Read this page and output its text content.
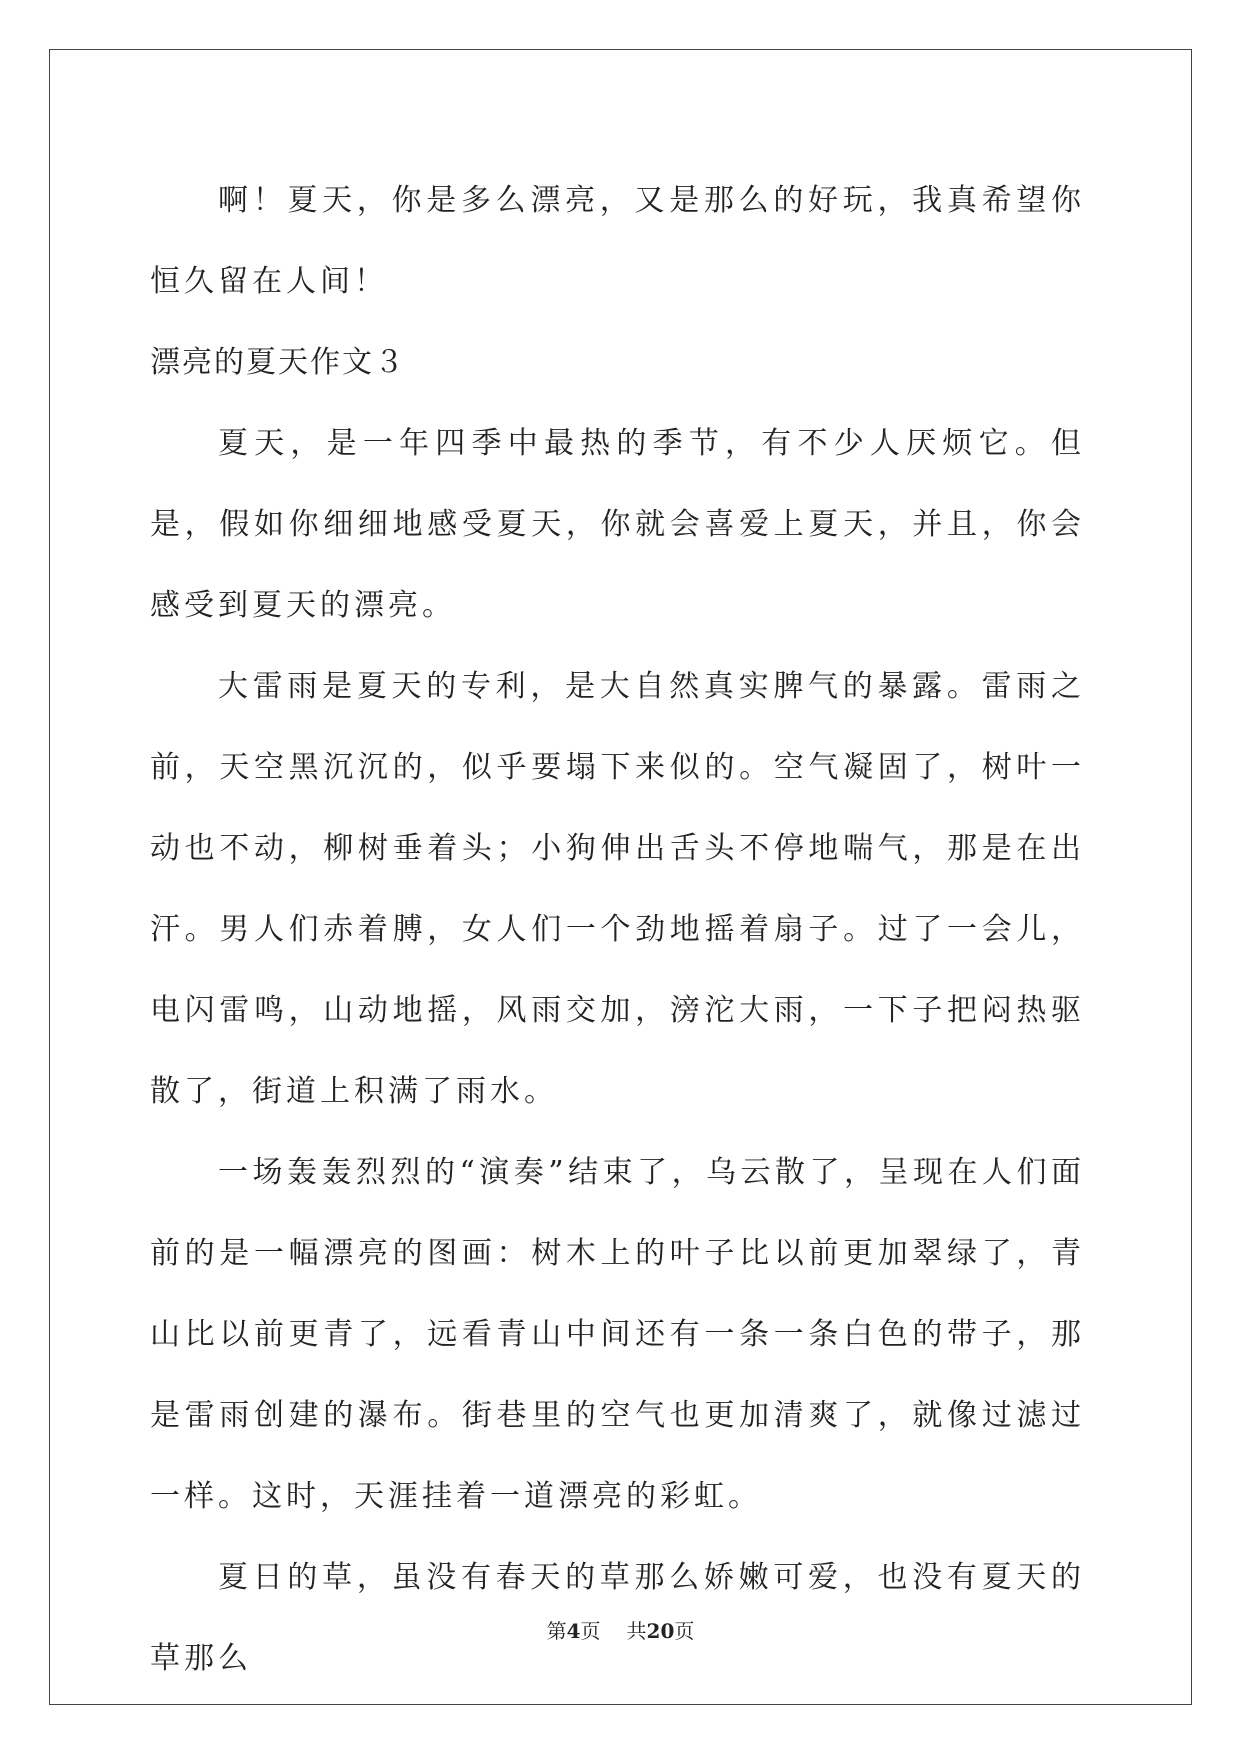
啊！夏天，你是多么漂亮，又是那么的好玩，我真希望你恒久留在人间！

漂亮的夏天作文３

夏天，是一年四季中最热的季节，有不少人厌烦它。但是，假如你细细地感受夏天，你就会喜爱上夏天，并且，你会感受到夏天的漂亮。

大雷雨是夏天的专利，是大自然真实脾气的暴露。雷雨之前，天空黑沉沉的，似乎要塌下来似的。空气凝固了，树叶一动也不动，柳树垂着头；小狗伸出舌头不停地喘气，那是在出汗。男人们赤着膊，女人们一个劲地摇着扇子。过了一会儿，电闪雷鸣，山动地摇，风雨交加，滂沱大雨，一下子把闷热驱散了，街道上积满了雨水。

一场轰轰烈烈的“演奏”结束了，乌云散了，呈现在人们面前的是一幅漂亮的图画：树木上的叶子比以前更加翠绿了，青山比以前更青了，远看青山中间还有一条一条白色的带子，那是雷雨创建的瀑布。街巷里的空气也更加清爽了，就像过滤过一样。这时，天涯挂着一道漂亮的彩虹。

夏日的草，虽没有春天的草那么娇嫩可爱，也没有夏天的草那么

第4页 共20页
